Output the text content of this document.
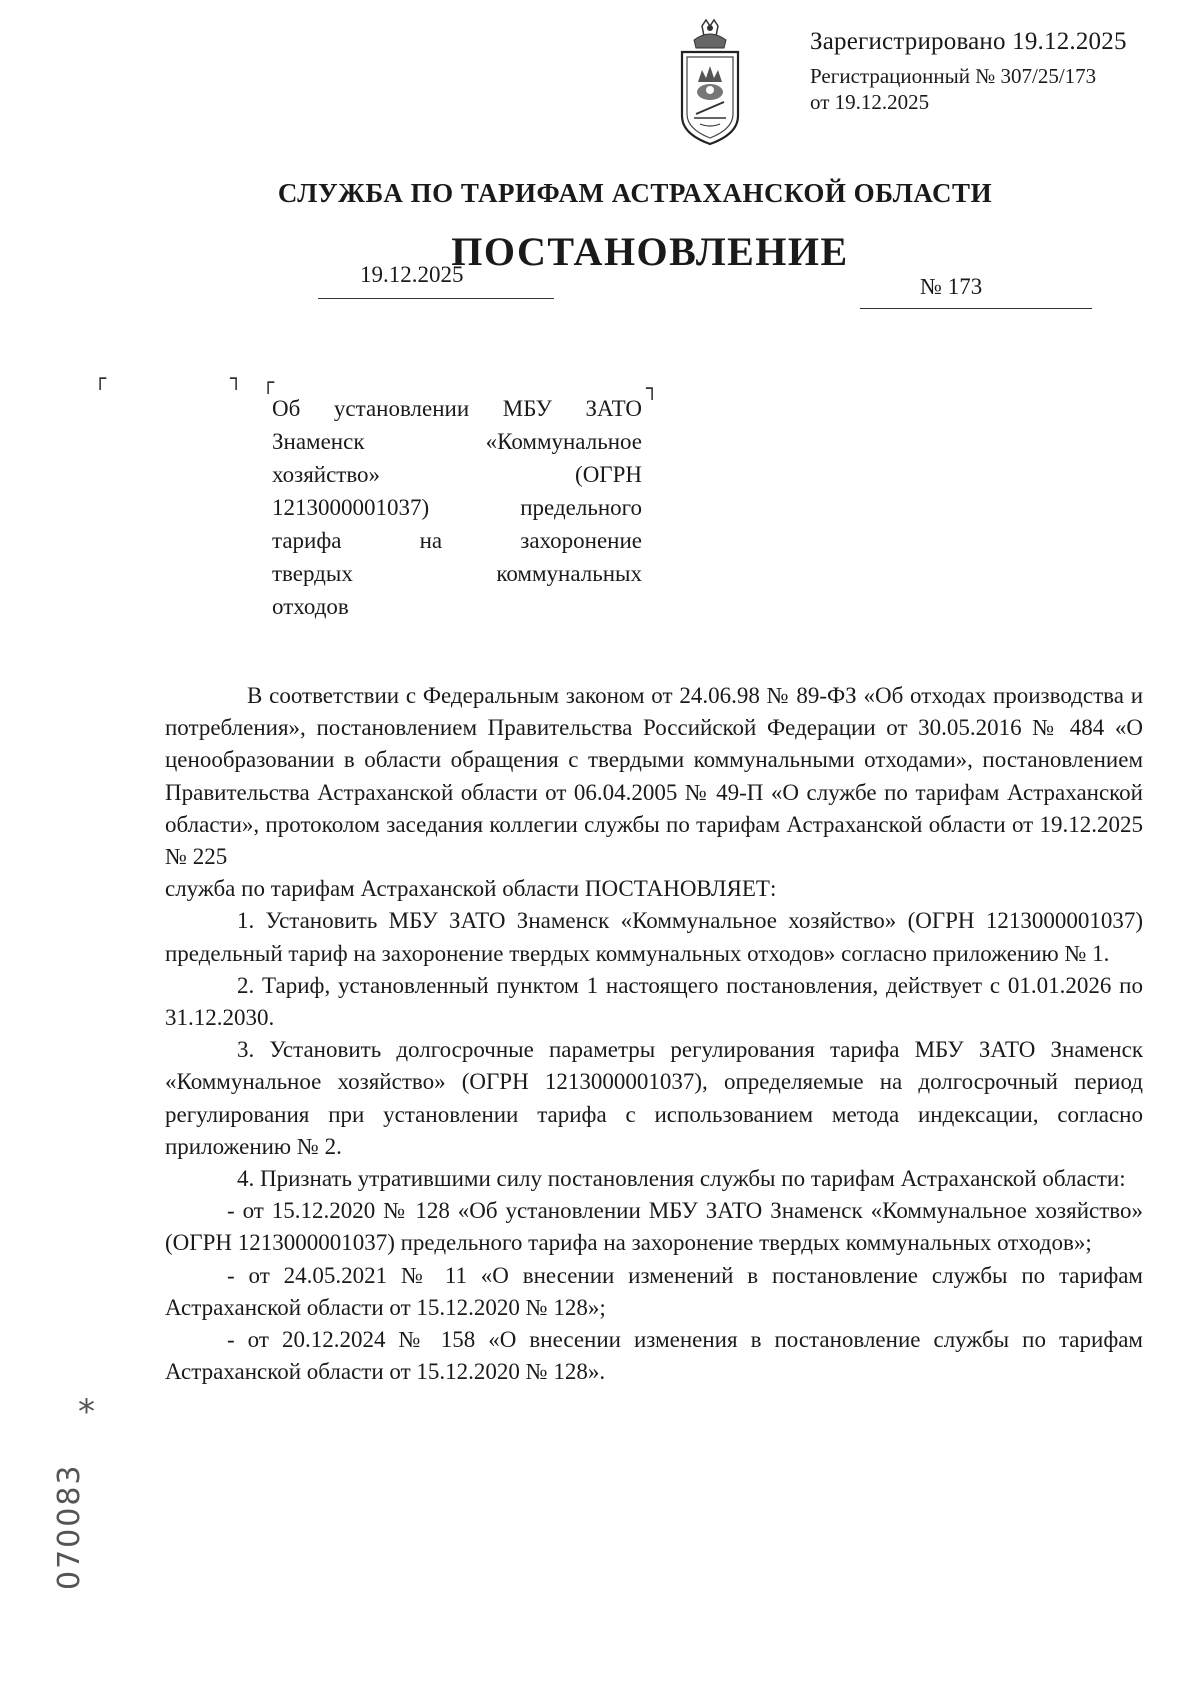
Зарегистрировано 19.12.2025
Регистрационный № 307/25/173
от 19.12.2025
СЛУЖБА ПО ТАРИФАМ АСТРАХАНСКОЙ ОБЛАСТИ
ПОСТАНОВЛЕНИЕ
19.12.2025	№ 173
┌	┐ ┌	┐
Об установлении МБУ ЗАТО
Знаменск «Коммунальное
хозяйство» (ОГРН
1213000001037) предельного
тарифа на захоронение
твердых коммунальных
отходов

В соответствии с Федеральным законом от 24.06.98 № 89-ФЗ «Об отходах производства и потребления», постановлением Правительства Российской Федерации от 30.05.2016 № 484 «О ценообразовании в области обращения с твердыми коммунальными отходами», постановлением Правительства Астраханской области от 06.04.2005 № 49-П «О службе по тарифам Астраханской области», протоколом заседания коллегии службы по тарифам Астраханской области от 19.12.2025 № 225

служба по тарифам Астраханской области ПОСТАНОВЛЯЕТ:

1. Установить МБУ ЗАТО Знаменск «Коммунальное хозяйство» (ОГРН 1213000001037) предельный тариф на захоронение твердых коммунальных отходов» согласно приложению № 1.

2. Тариф, установленный пунктом 1 настоящего постановления, действует с 01.01.2026 по 31.12.2030.

3. Установить долгосрочные параметры регулирования тарифа МБУ ЗАТО Знаменск «Коммунальное хозяйство» (ОГРН 1213000001037), определяемые на долгосрочный период регулирования при установлении тарифа с использованием метода индексации, согласно приложению № 2.

4. Признать утратившими силу постановления службы по тарифам Астраханской области:

- от 15.12.2020 № 128 «Об установлении МБУ ЗАТО Знаменск «Коммунальное хозяйство» (ОГРН 1213000001037) предельного тарифа на захоронение твердых коммунальных отходов»;

- от 24.05.2021 № 11 «О внесении изменений в постановление службы по тарифам Астраханской области от 15.12.2020 № 128»;

- от 20.12.2024 № 158 «О внесении изменения в постановление службы по тарифам Астраханской области от 15.12.2020 № 128».

*
070083
